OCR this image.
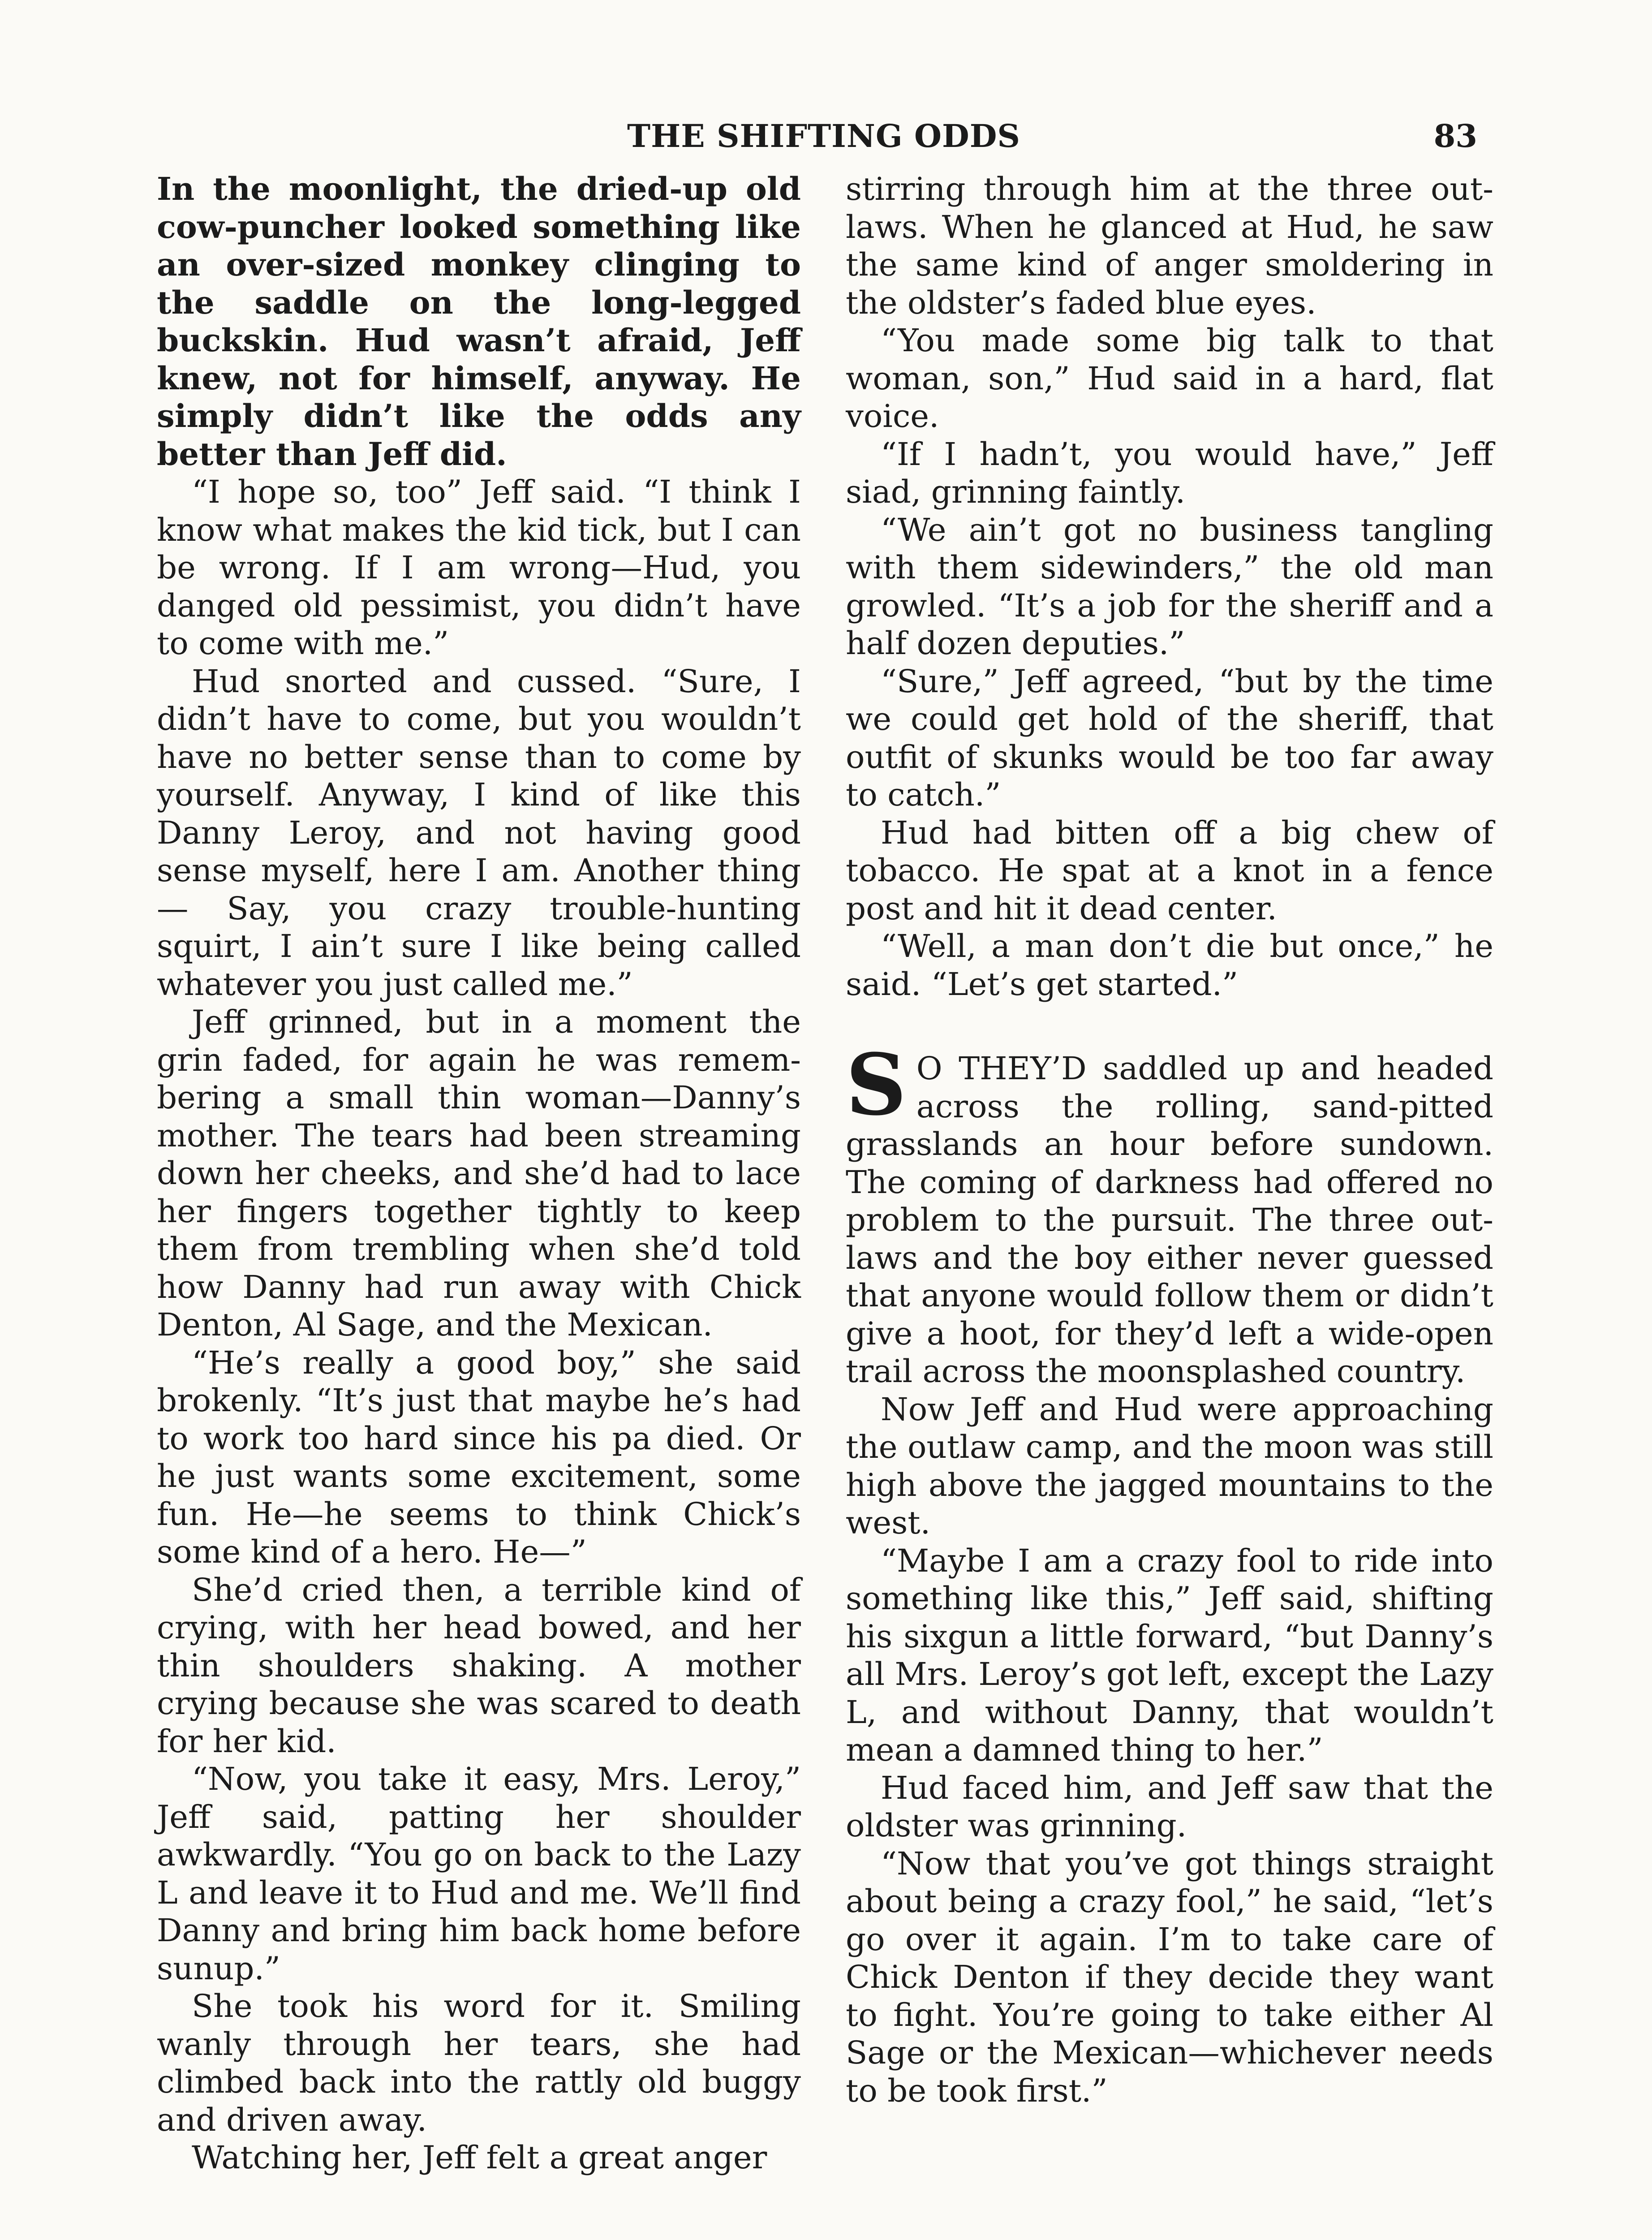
THE SHIFTING ODDS	83

In the moonlight, the dried-up old cow-puncher looked something like an over-sized monkey clinging to the saddle on the long-legged buckskin. Hud wasn’t afraid, Jeff knew, not for himself, anyway. He simply didn’t like the odds any better than Jeff did.

“I hope so, too” Jeff said. “I think I know what makes the kid tick, but I can be wrong. If I am wrong—Hud, you danged old pessimist, you didn’t have to come with me.”

Hud snorted and cussed. “Sure, I didn’t have to come, but you wouldn’t have no better sense than to come by yourself. Anyway, I kind of like this Danny Leroy, and not having good sense myself, here I am. Another thing— Say, you crazy trouble-hunting squirt, I ain’t sure I like being called whatever you just called me.”

Jeff grinned, but in a moment the grin faded, for again he was remembering a small thin woman—Danny’s mother. The tears had been streaming down her cheeks, and she’d had to lace her fingers together tightly to keep them from trembling when she’d told how Danny had run away with Chick Denton, Al Sage, and the Mexican.

“He’s really a good boy,” she said brokenly. “It’s just that maybe he’s had to work too hard since his pa died. Or he just wants some excitement, some fun. He—he seems to think Chick’s some kind of a hero. He—”

She’d cried then, a terrible kind of crying, with her head bowed, and her thin shoulders shaking. A mother crying because she was scared to death for her kid.

“Now, you take it easy, Mrs. Leroy,” Jeff said, patting her shoulder awkwardly. “You go on back to the Lazy L and leave it to Hud and me. We’ll find Danny and bring him back home before sunup.”

She took his word for it. Smiling wanly through her tears, she had climbed back into the rattly old buggy and driven away.

Watching her, Jeff felt a great anger

stirring through him at the three outlaws. When he glanced at Hud, he saw the same kind of anger smoldering in the oldster’s faded blue eyes.

“You made some big talk to that woman, son,” Hud said in a hard, flat voice.

“If I hadn’t, you would have,” Jeff siad, grinning faintly.

“We ain’t got no business tangling with them sidewinders,” the old man growled. “It’s a job for the sheriff and a half dozen deputies.”

“Sure,” Jeff agreed, “but by the time we could get hold of the sheriff, that outfit of skunks would be too far away to catch.”

Hud had bitten off a big chew of tobacco. He spat at a knot in a fence post and hit it dead center.

“Well, a man don’t die but once,” he said. “Let’s get started.”

S O THEY’D saddled up and headed across the rolling, sand-pitted grasslands an hour before sundown. The coming of darkness had offered no problem to the pursuit. The three outlaws and the boy either never guessed that anyone would follow them or didn’t give a hoot, for they’d left a wide-open trail across the moonsplashed country.

Now Jeff and Hud were approaching the outlaw camp, and the moon was still high above the jagged mountains to the west.

“Maybe I am a crazy fool to ride into something like this,” Jeff said, shifting his sixgun a little forward, “but Danny’s all Mrs. Leroy’s got left, except the Lazy L, and without Danny, that wouldn’t mean a damned thing to her.”

Hud faced him, and Jeff saw that the oldster was grinning.

“Now that you’ve got things straight about being a crazy fool,” he said, “let’s go over it again. I’m to take care of Chick Denton if they decide they want to fight. You’re going to take either Al Sage or the Mexican—whichever needs to be took first.”
